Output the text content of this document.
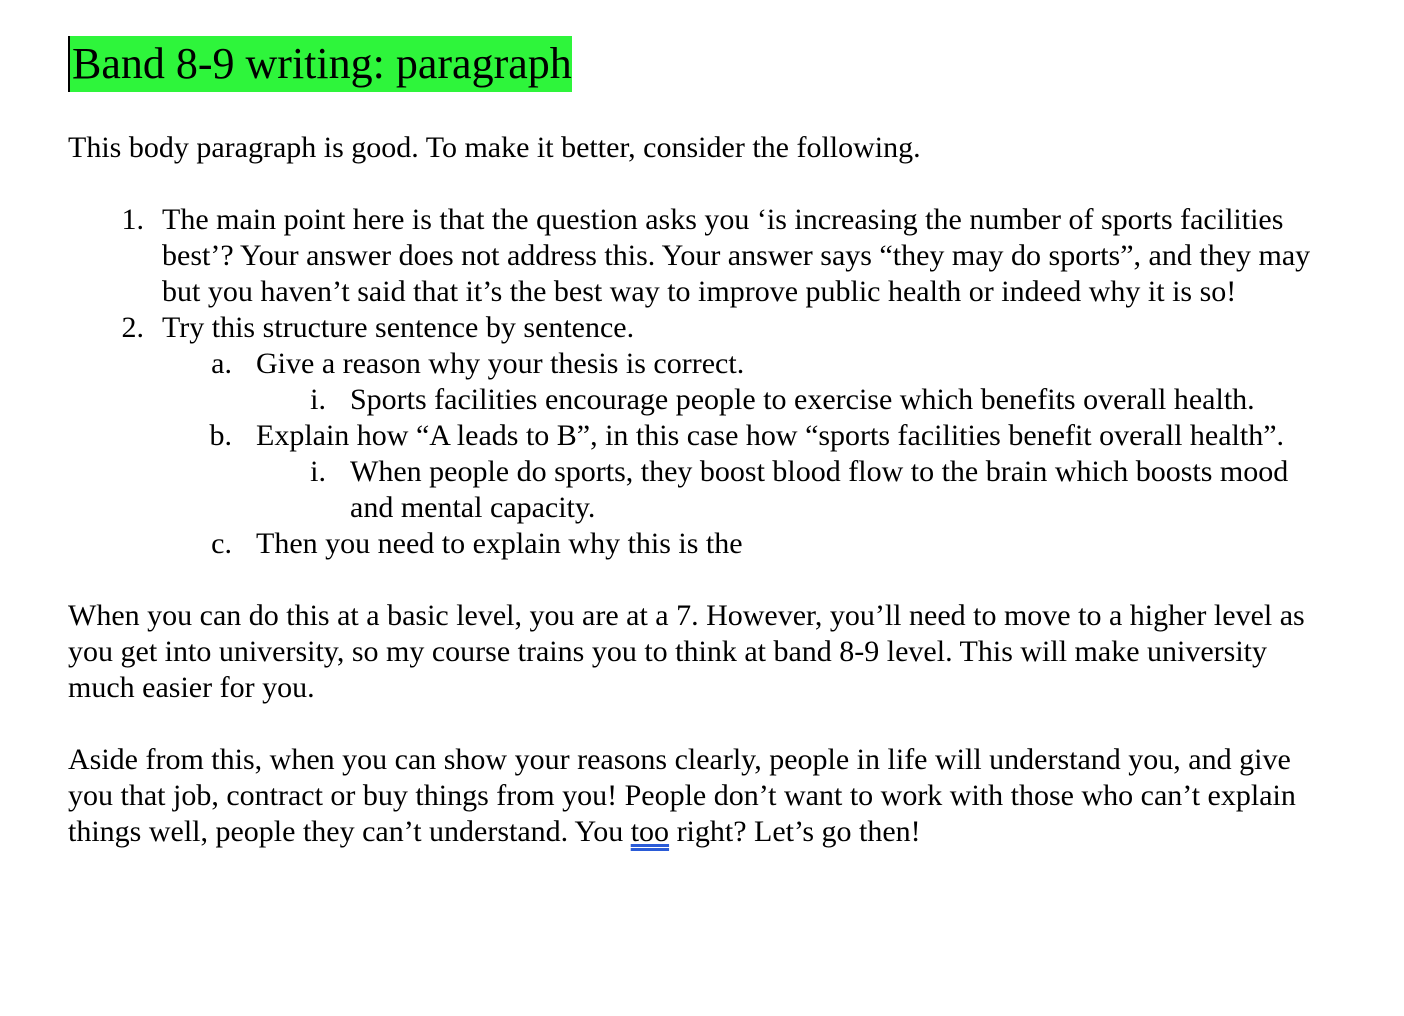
Band 8-9 writing: paragraph

This body paragraph is good. To make it better, consider the following.

1. The main point here is that the question asks you ‘is increasing the number of sports facilities best’? Your answer does not address this. Your answer says “they may do sports”, and they may but you haven’t said that it’s the best way to improve public health or indeed why it is so!
2. Try this structure sentence by sentence.
a. Give a reason why your thesis is correct.
i. Sports facilities encourage people to exercise which benefits overall health.
b. Explain how “A leads to B”, in this case how “sports facilities benefit overall health”.
i. When people do sports, they boost blood flow to the brain which boosts mood and mental capacity.
c. Then you need to explain why this is the

When you can do this at a basic level, you are at a 7. However, you’ll need to move to a higher level as you get into university, so my course trains you to think at band 8-9 level. This will make university much easier for you.

Aside from this, when you can show your reasons clearly, people in life will understand you, and give you that job, contract or buy things from you! People don’t want to work with those who can’t explain things well, people they can’t understand. You too right? Let’s go then!
